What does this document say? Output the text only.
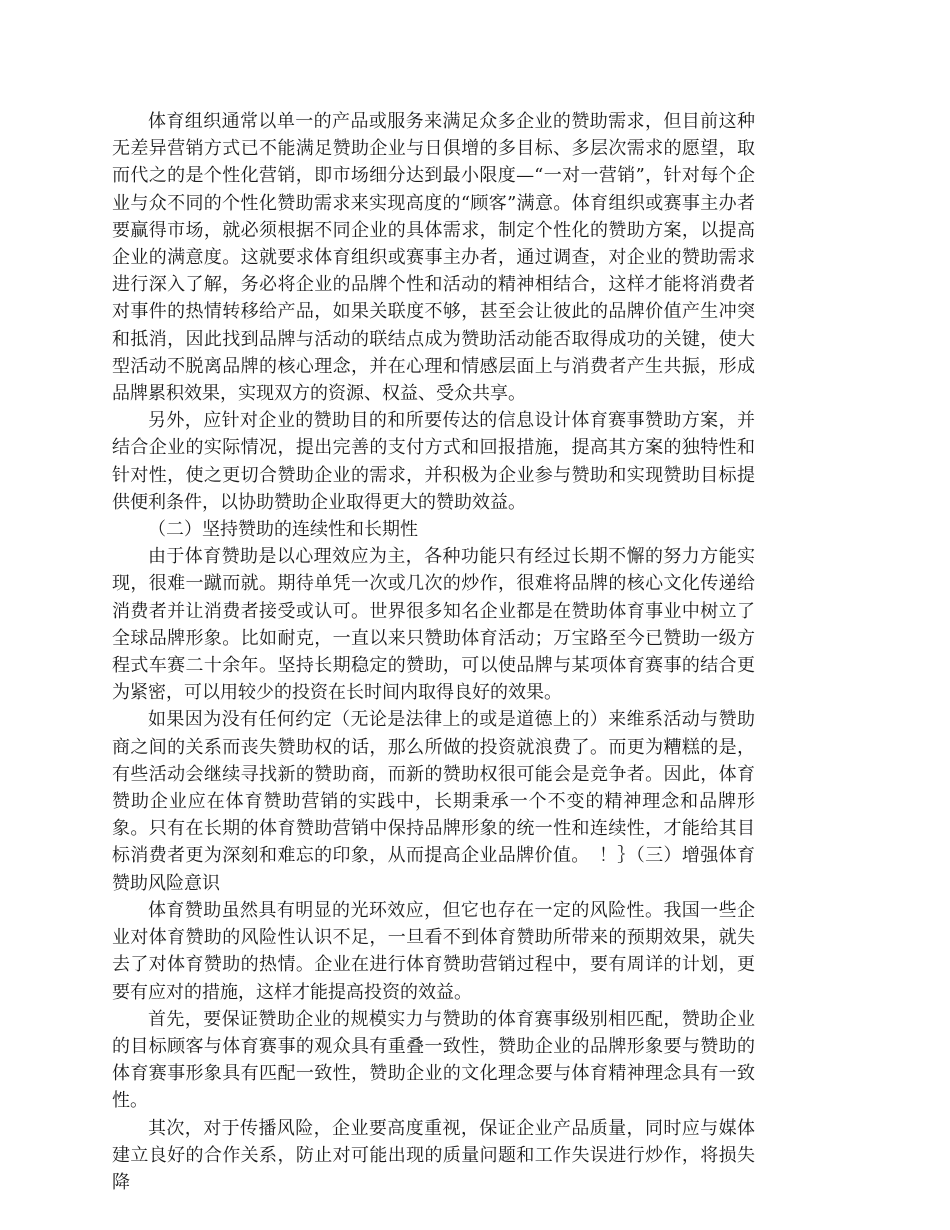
体育组织通常以单一的产品或服务来满足众多企业的赞助需求，但目前这种无差异营销方式已不能满足赞助企业与日俱增的多目标、多层次需求的愿望，取而代之的是个性化营销，即市场细分达到最小限度—“一对一营销”，针对每个企业与众不同的个性化赞助需求来实现高度的“顾客”满意。体育组织或赛事主办者要赢得市场，就必须根据不同企业的具体需求，制定个性化的赞助方案，以提高企业的满意度。这就要求体育组织或赛事主办者，通过调查，对企业的赞助需求进行深入了解，务必将企业的品牌个性和活动的精神相结合，这样才能将消费者对事件的热情转移给产品，如果关联度不够，甚至会让彼此的品牌价值产生冲突和抵消，因此找到品牌与活动的联结点成为赞助活动能否取得成功的关键，使大型活动不脱离品牌的核心理念，并在心理和情感层面上与消费者产生共振，形成品牌累积效果，实现双方的资源、权益、受众共享。

另外，应针对企业的赞助目的和所要传达的信息设计体育赛事赞助方案，并结合企业的实际情况，提出完善的支付方式和回报措施，提高其方案的独特性和针对性，使之更切合赞助企业的需求，并积极为企业参与赞助和实现赞助目标提供便利条件，以协助赞助企业取得更大的赞助效益。

（二）坚持赞助的连续性和长期性

由于体育赞助是以心理效应为主，各种功能只有经过长期不懈的努力方能实现，很难一蹴而就。期待单凭一次或几次的炒作，很难将品牌的核心文化传递给消费者并让消费者接受或认可。世界很多知名企业都是在赞助体育事业中树立了全球品牌形象。比如耐克，一直以来只赞助体育活动；万宝路至今已赞助一级方程式车赛二十余年。坚持长期稳定的赞助，可以使品牌与某项体育赛事的结合更为紧密，可以用较少的投资在长时间内取得良好的效果。

如果因为没有任何约定（无论是法律上的或是道德上的）来维系活动与赞助商之间的关系而丧失赞助权的话，那么所做的投资就浪费了。而更为糟糕的是，有些活动会继续寻找新的赞助商，而新的赞助权很可能会是竞争者。因此，体育赞助企业应在体育赞助营销的实践中，长期秉承一个不变的精神理念和品牌形象。只有在长期的体育赞助营销中保持品牌形象的统一性和连续性，才能给其目标消费者更为深刻和难忘的印象，从而提高企业品牌价值。　！｝（三）增强体育赞助风险意识

体育赞助虽然具有明显的光环效应，但它也存在一定的风险性。我国一些企业对体育赞助的风险性认识不足，一旦看不到体育赞助所带来的预期效果，就失去了对体育赞助的热情。企业在进行体育赞助营销过程中，要有周详的计划，更要有应对的措施，这样才能提高投资的效益。

首先，要保证赞助企业的规模实力与赞助的体育赛事级别相匹配，赞助企业的目标顾客与体育赛事的观众具有重叠一致性，赞助企业的品牌形象要与赞助的体育赛事形象具有匹配一致性，赞助企业的文化理念要与体育精神理念具有一致性。

其次，对于传播风险，企业要高度重视，保证企业产品质量，同时应与媒体建立良好的合作关系，防止对可能出现的质量问题和工作失误进行炒作，将损失降
